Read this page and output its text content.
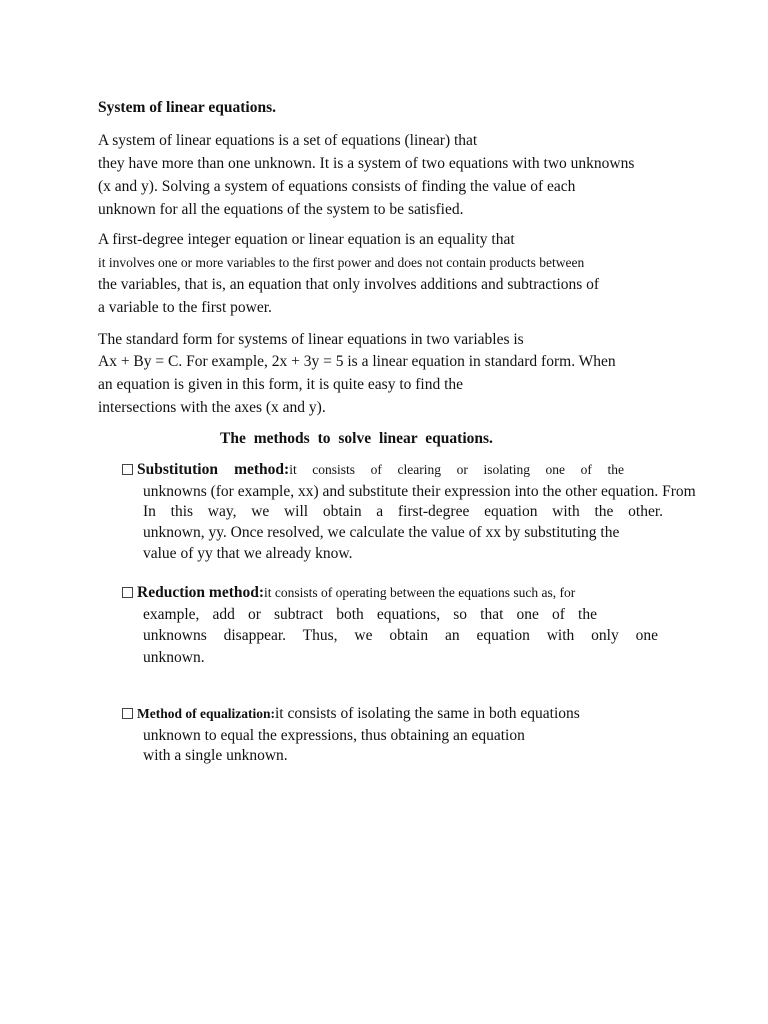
System of linear equations.
A system of linear equations is a set of equations (linear) that
they have more than one unknown. It is a system of two equations with two unknowns
(x and y). Solving a system of equations consists of finding the value of each
unknown for all the equations of the system to be satisfied.
A first-degree integer equation or linear equation is an equality that
it involves one or more variables to the first power and does not contain products between
the variables, that is, an equation that only involves additions and subtractions of
a variable to the first power.
The standard form for systems of linear equations in two variables is
Ax + By = C. For example, 2x + 3y = 5 is a linear equation in standard form. When
an equation is given in this form, it is quite easy to find the
intersections with the axes (x and y).
The methods to solve linear equations.
Substitution method:it consists of clearing or isolating one of the
unknowns (for example, xx) and substitute their expression into the other equation. From
In this way, we will obtain a first-degree equation with the other.
unknown, yy. Once resolved, we calculate the value of xx by substituting the
value of yy that we already know.
Reduction method:it consists of operating between the equations such as, for
example, add or subtract both equations, so that one of the
unknowns disappear. Thus, we obtain an equation with only one
unknown.
Method of equalization:it consists of isolating the same in both equations
unknown to equal the expressions, thus obtaining an equation
with a single unknown.
